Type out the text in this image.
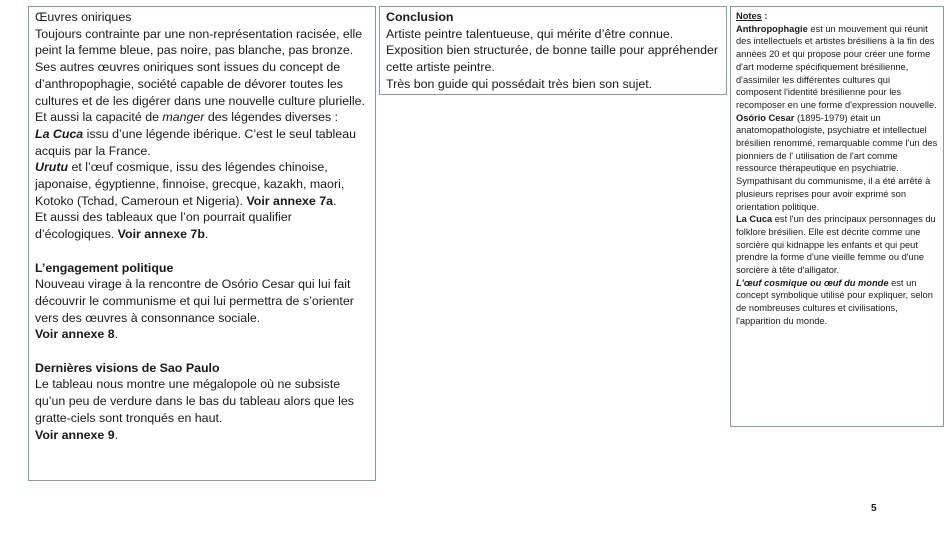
Œuvres oniriques

Toujours contrainte par une non-représentation racisée, elle peint la femme bleue, pas noire, pas blanche, pas bronze.

Ses autres œuvres oniriques sont issues du concept de d’anthropophagie, société capable de dévorer toutes les cultures et de les digérer dans une nouvelle culture plurielle.

Et aussi la capacité de manger des légendes diverses :

La Cuca issu d’une légende ibérique. C’est le seul tableau acquis par la France.

Urutu et l’œuf cosmique, issu des légendes chinoise, japonaise, égyptienne, finnoise, grecque, kazakh, maori, Kotoko (Tchad, Cameroun et Nigeria). Voir annexe 7a.

Et aussi des tableaux que l’on pourrait qualifier d’écologiques. Voir annexe 7b.

L’engagement politique

Nouveau virage à la rencontre de Osório Cesar qui lui fait découvrir le communisme et qui lui permettra de s’orienter vers des œuvres à consonnance sociale.

Voir annexe 8.

Dernières visions de Sao Paulo

Le tableau nous montre une mégalopole où ne subsiste qu’un peu de verdure dans le bas du tableau alors que les gratte-ciels sont tronqués en haut.

Voir annexe 9.

Conclusion

Artiste peintre talentueuse, qui mérite d’être connue.

Exposition bien structurée, de bonne taille pour appréhender cette artiste peintre.

Très bon guide qui possédait très bien son sujet.

Notes :

Anthropophagie est un mouvement qui réunit des intellectuels et artistes brésiliens à la fin des années 20 et qui propose pour créer une forme d'art moderne spécifiquement brésilienne, d'assimiler les différentes cultures qui composent l'identité brésilienne pour les recomposer en une forme d'expression nouvelle.

Osório Cesar (1895-1979) était un anatomopathologiste, psychiatre et intellectuel brésilien renommé, remarquable comme l'un des pionniers de l' utilisation de l'art comme ressource thérapeutique en psychiatrie.

Sympathisant du communisme, il a été arrêté à plusieurs reprises pour avoir exprimé son orientation politique.

La Cuca est l'un des principaux personnages du folklore brésilien. Elle est décrite comme une sorcière qui kidnappe les enfants et qui peut prendre la forme d'une vieille femme ou d'une sorcière à tête d'alligator.

L'œuf cosmique ou œuf du monde est un concept symbolique utilisé pour expliquer, selon de nombreuses cultures et civilisations, l'apparition du monde.

5
